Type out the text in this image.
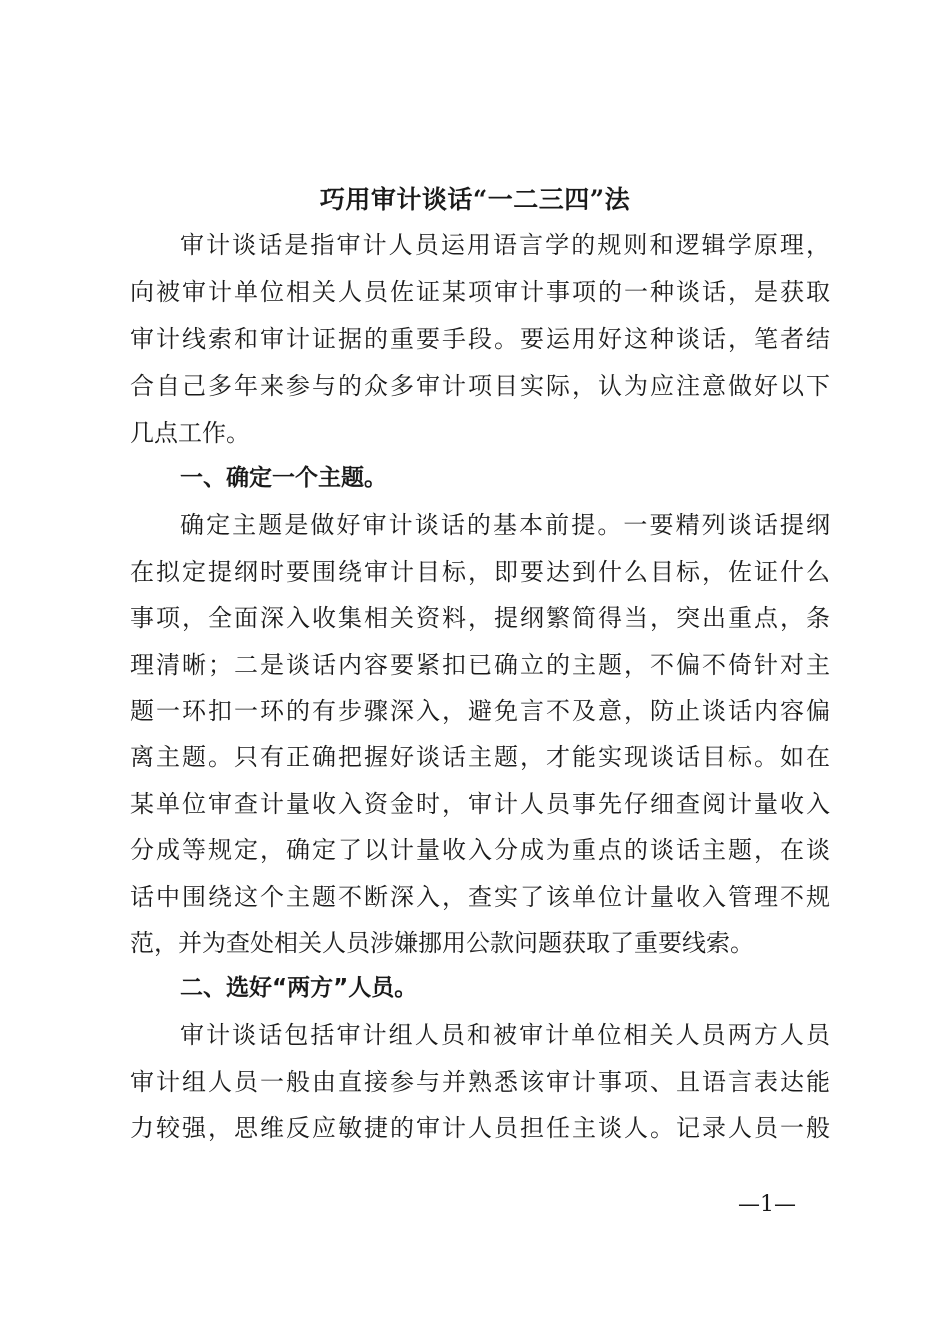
巧用审计谈话“一二三四”法
审计谈话是指审计人员运用语言学的规则和逻辑学原理，
向被审计单位相关人员佐证某项审计事项的一种谈话，是获取
审计线索和审计证据的重要手段。要运用好这种谈话，笔者结
合自己多年来参与的众多审计项目实际，认为应注意做好以下
几点工作。
一、确定一个主题。
确定主题是做好审计谈话的基本前提。一要精列谈话提纲
在拟定提纲时要围绕审计目标，即要达到什么目标，佐证什么
事项，全面深入收集相关资料，提纲繁简得当，突出重点，条
理清晰；二是谈话内容要紧扣已确立的主题，不偏不倚针对主
题一环扣一环的有步骤深入，避免言不及意，防止谈话内容偏
离主题。只有正确把握好谈话主题，才能实现谈话目标。如在
某单位审查计量收入资金时，审计人员事先仔细查阅计量收入
分成等规定，确定了以计量收入分成为重点的谈话主题，在谈
话中围绕这个主题不断深入，查实了该单位计量收入管理不规
范，并为查处相关人员涉嫌挪用公款问题获取了重要线索。
二、选好“两方”人员。
审计谈话包括审计组人员和被审计单位相关人员两方人员
审计组人员一般由直接参与并熟悉该审计事项、且语言表达能
力较强，思维反应敏捷的审计人员担任主谈人。记录人员一般
—1—
